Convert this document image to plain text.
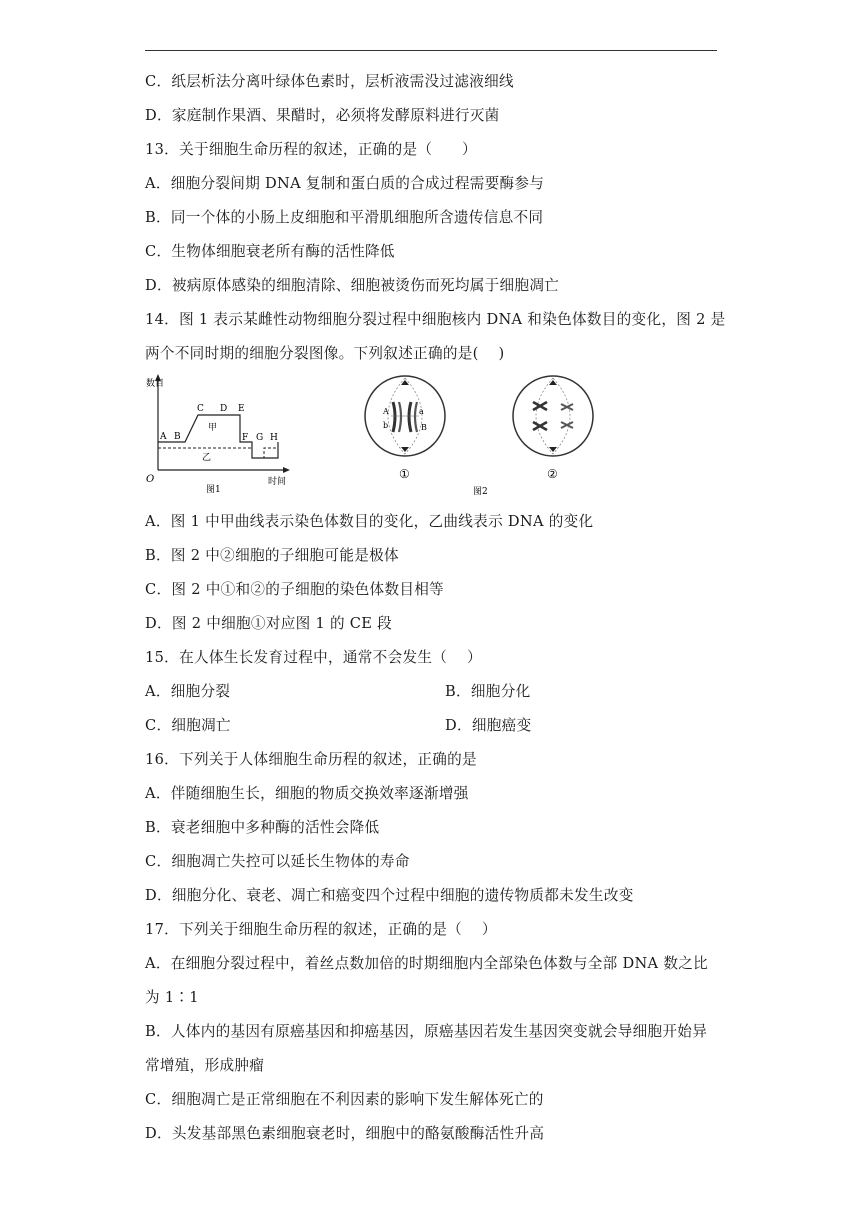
C．纸层析法分离叶绿体色素时，层析液需没过滤液细线
D．家庭制作果酒、果醋时，必须将发酵原料进行灭菌
13．关于细胞生命历程的叙述，正确的是（　　）
A．细胞分裂间期 DNA 复制和蛋白质的合成过程需要酶参与
B．同一个体的小肠上皮细胞和平滑肌细胞所含遗传信息不同
C．生物体细胞衰老所有酶的活性降低
D．被病原体感染的细胞清除、细胞被烫伤而死均属于细胞凋亡
14．图 1 表示某雌性动物细胞分裂过程中细胞核内 DNA 和染色体数目的变化，图 2 是
两个不同时期的细胞分裂图像。下列叙述正确的是(　 )
数目
O	时间
图1
甲
乙
A B
C D E
F G H
A	a
b	B
①	②
图2
A．图 1 中甲曲线表示染色体数目的变化，乙曲线表示 DNA 的变化
B．图 2 中②细胞的子细胞可能是极体
C．图 2 中①和②的子细胞的染色体数目相等
D．图 2 中细胞①对应图 1 的 CE 段
15．在人体生长发育过程中，通常不会发生（　 ）
A．细胞分裂	B．细胞分化
C．细胞凋亡	D．细胞癌变
16．下列关于人体细胞生命历程的叙述，正确的是
A．伴随细胞生长，细胞的物质交换效率逐渐增强
B．衰老细胞中多种酶的活性会降低
C．细胞凋亡失控可以延长生物体的寿命
D．细胞分化、衰老、凋亡和癌变四个过程中细胞的遗传物质都未发生改变
17．下列关于细胞生命历程的叙述，正确的是（　 ）
A．在细胞分裂过程中，着丝点数加倍的时期细胞内全部染色体数与全部 DNA 数之比
为 1∶1
B．人体内的基因有原癌基因和抑癌基因，原癌基因若发生基因突变就会导细胞开始异
常增殖，形成肿瘤
C．细胞凋亡是正常细胞在不利因素的影响下发生解体死亡的
D．头发基部黑色素细胞衰老时，细胞中的酪氨酸酶活性升高
